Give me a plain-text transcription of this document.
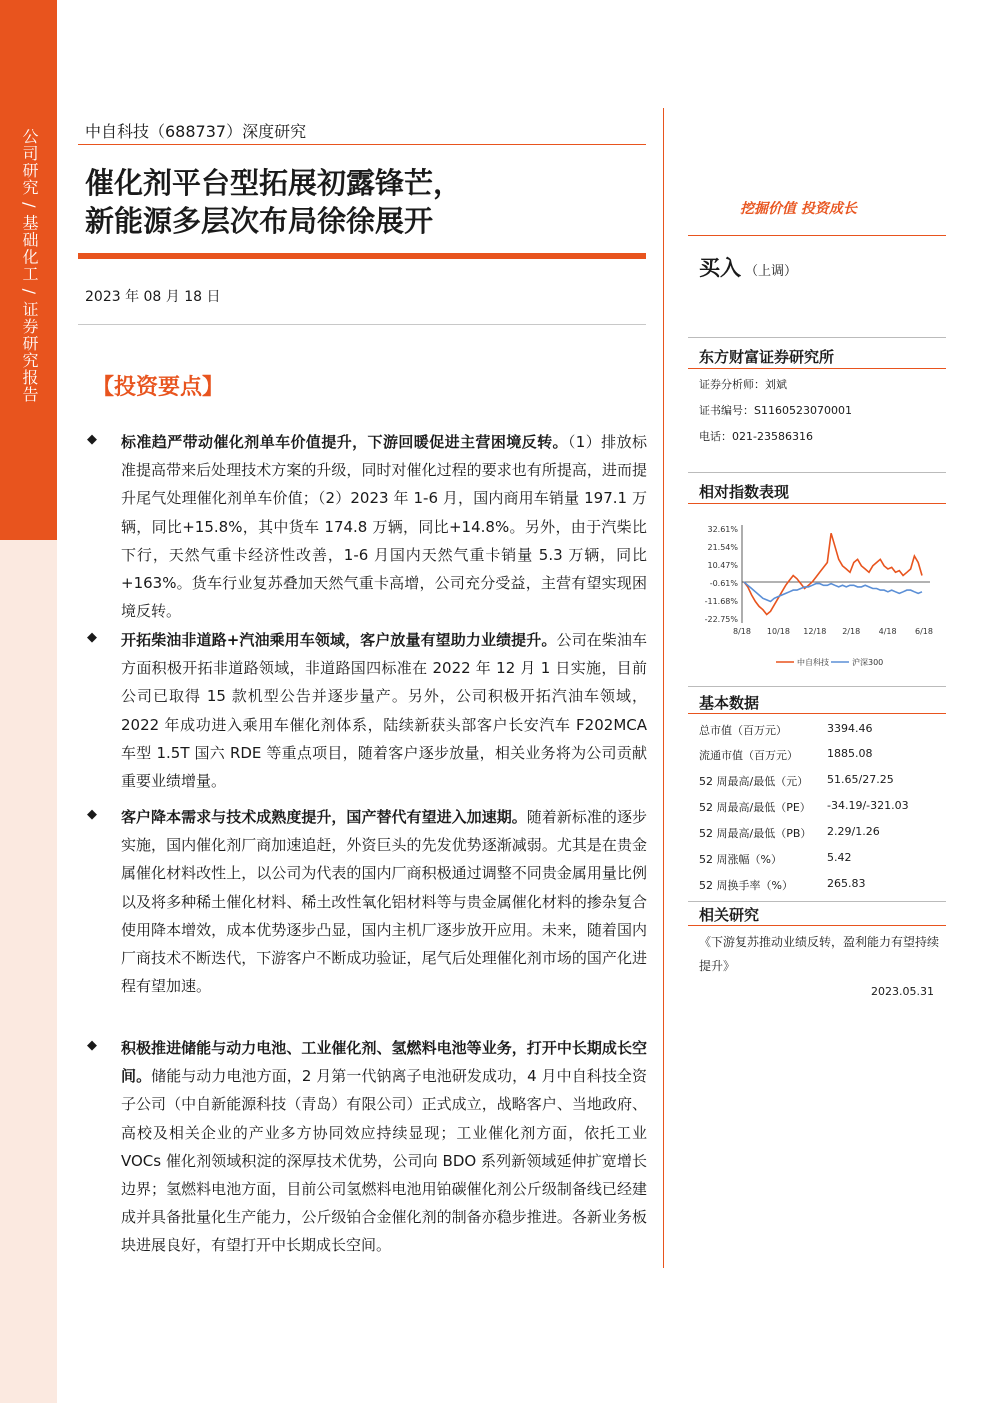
公司研究 / 基础化工 / 证券研究报告	中自科技（688737）深度研究
催化剂平台型拓展初露锋芒，
新能源多层次布局徐徐展开
2023 年 08 月 18 日
【投资要点】
◆ 标准趋严带动催化剂单车价值提升，下游回暖促进主营困境反转。（1）排放标准提高带来后处理技术方案的升级，同时对催化过程的要求也有所提高，进而提升尾气处理催化剂单车价值；（2）2023 年 1-6 月，国内商用车销量 197.1 万辆，同比+15.8%，其中货车 174.8 万辆，同比+14.8%。另外，由于汽柴比下行，天然气重卡经济性改善，1-6 月国内天然气重卡销量 5.3 万辆，同比+163%。货车行业复苏叠加天然气重卡高增，公司充分受益，主营有望实现困境反转。
◆ 开拓柴油非道路+汽油乘用车领域，客户放量有望助力业绩提升。公司在柴油车方面积极开拓非道路领域，非道路国四标准在 2022 年 12 月 1 日实施，目前公司已取得 15 款机型公告并逐步量产。另外，公司积极开拓汽油车领域，2022 年成功进入乘用车催化剂体系，陆续新获头部客户长安汽车 F202MCA 车型 1.5T 国六 RDE 等重点项目，随着客户逐步放量，相关业务将为公司贡献重要业绩增量。
◆ 客户降本需求与技术成熟度提升，国产替代有望进入加速期。随着新标准的逐步实施，国内催化剂厂商加速追赶，外资巨头的先发优势逐渐减弱。尤其是在贵金属催化材料改性上，以公司为代表的国内厂商积极通过调整不同贵金属用量比例以及将多种稀土催化材料、稀土改性氧化铝材料等与贵金属催化材料的掺杂复合使用降本增效，成本优势逐步凸显，国内主机厂逐步放开应用。未来，随着国内厂商技术不断迭代，下游客户不断成功验证，尾气后处理催化剂市场的国产化进程有望加速。
◆ 积极推进储能与动力电池、工业催化剂、氢燃料电池等业务，打开中长期成长空间。储能与动力电池方面，2 月第一代钠离子电池研发成功，4 月中自科技全资子公司（中自新能源科技（青岛）有限公司）正式成立，战略客户、当地政府、高校及相关企业的产业多方协同效应持续显现；工业催化剂方面，依托工业 VOCs 催化剂领域积淀的深厚技术优势，公司向 BDO 系列新领域延伸扩宽增长边界；氢燃料电池方面，目前公司氢燃料电池用铂碳催化剂公斤级制备线已经建成并具备批量化生产能力，公斤级铂合金催化剂的制备亦稳步推进。各新业务板块进展良好，有望打开中长期成长空间。
挖掘价值 投资成长
买入 （上调）
东方财富证券研究所
证券分析师：刘斌
证书编号：S1160523070001
电话：021-23586316
相对指数表现
32.61%
21.54%
10.47%
-0.61%
-11.68%
-22.75%
8/18 10/18 12/18 2/18 4/18 6/18
中自科技	沪深300
基本数据
总市值（百万元）	3394.46
流通市值（百万元）	1885.08
52 周最高/最低（元） 51.65/27.25
52 周最高/最低（PE） -34.19/-321.03
52 周最高/最低（PB） 2.29/1.26
52 周涨幅（%）	5.42
52 周换手率（%）	265.83
相关研究
《下游复苏推动业绩反转，盈利能力有望持续提升》
2023.05.31
